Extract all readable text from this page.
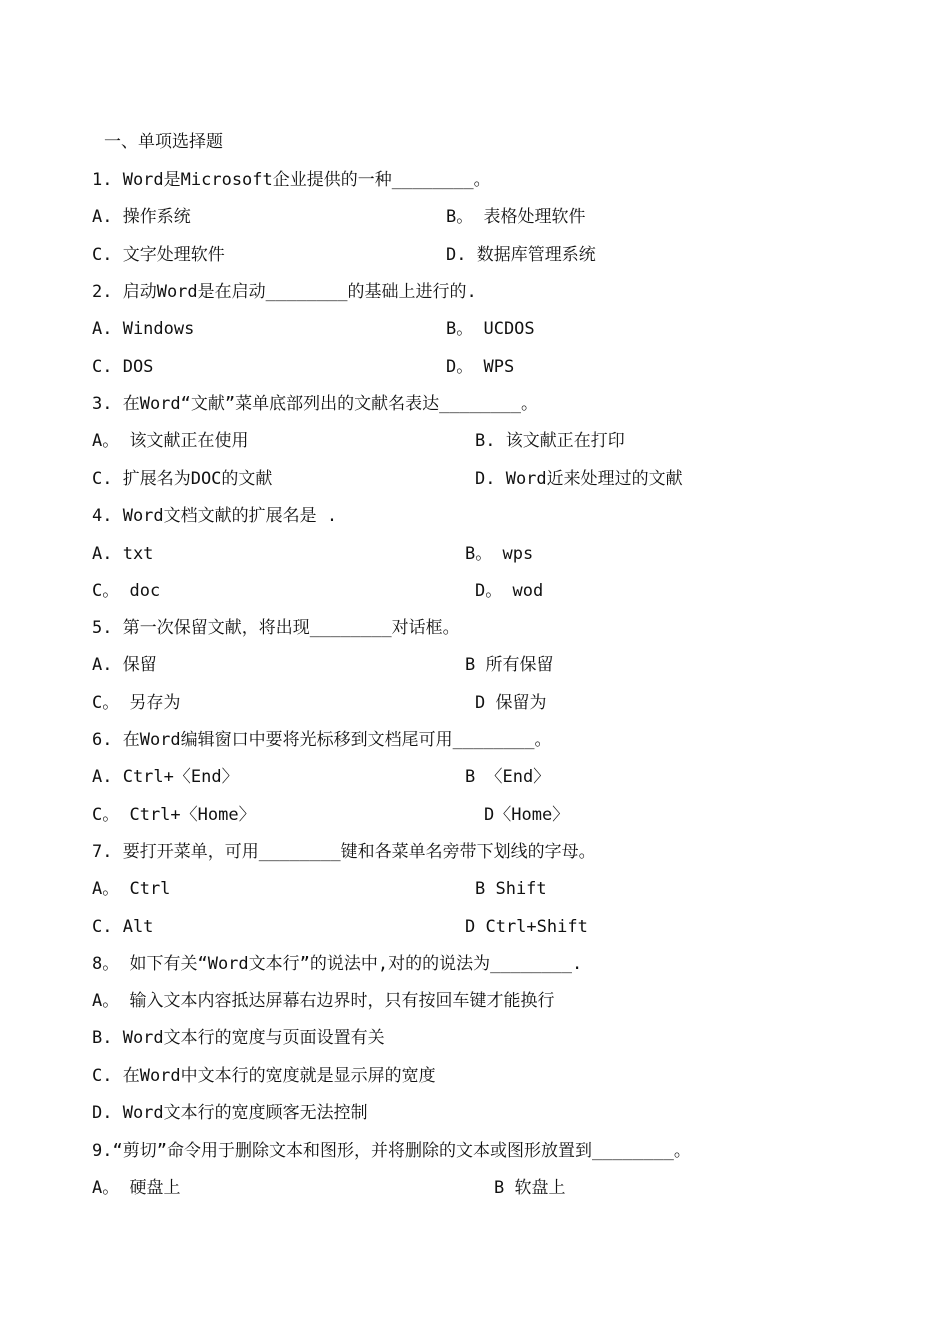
一、单项选择题
1. Word是Microsoft企业提供的一种________。
A. 操作系统	B。 表格处理软件
C. 文字处理软件	D. 数据库管理系统
2. 启动Word是在启动________的基础上进行的.
A. Windows	B。 UCDOS
C. DOS	D。 WPS
3. 在Word“文献”菜单底部列出的文献名表达________。
A。 该文献正在使用	B. 该文献正在打印
C. 扩展名为DOC的文献	D. Word近来处理过的文献
4. Word文档文献的扩展名是 .
A. txt	B。 wps
C。 doc	D。 wod
5. 第一次保留文献，将出现________对话框。
A. 保留	B 所有保留
C。 另存为	D 保留为
6. 在Word编辑窗口中要将光标移到文档尾可用________。
A. Ctrl+〈End〉	B 〈End〉
C。 Ctrl+〈Home〉	D〈Home〉
7. 要打开菜单，可用________键和各菜单名旁带下划线的字母。
A。 Ctrl	B Shift
C. Alt	D Ctrl+Shift
8。 如下有关“Word文本行”的说法中,对的的说法为________.
A。 输入文本内容抵达屏幕右边界时，只有按回车键才能换行
B. Word文本行的宽度与页面设置有关
C. 在Word中文本行的宽度就是显示屏的宽度
D. Word文本行的宽度顾客无法控制
9.“剪切”命令用于删除文本和图形，并将删除的文本或图形放置到________。
A。 硬盘上	B 软盘上
